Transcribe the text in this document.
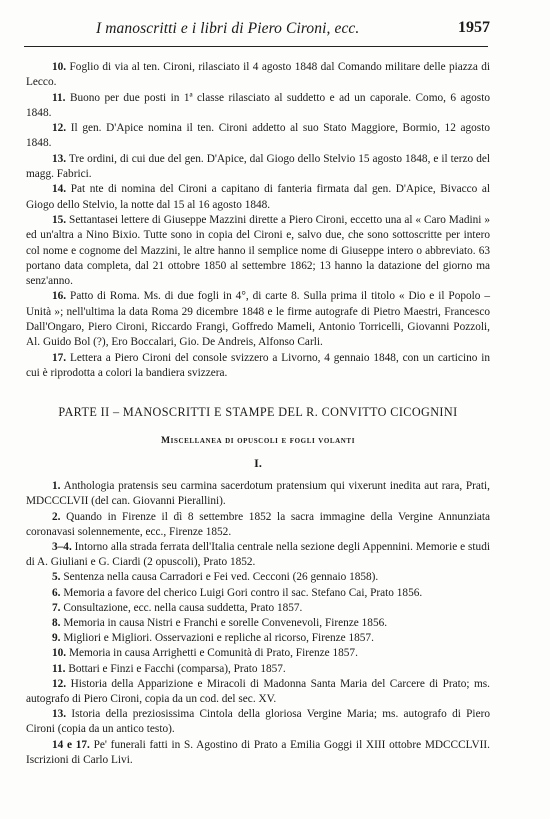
I manoscritti e i libri di Piero Cironi, ecc.	1957

10. Foglio di via al ten. Cironi, rilasciato il 4 agosto 1848 dal Comando militare delle piazza di Lecco.

11. Buono per due posti in 1ª classe rilasciato al suddetto e ad un caporale. Como, 6 agosto 1848.

12. Il gen. D'Apice nomina il ten. Cironi addetto al suo Stato Maggiore, Bormio, 12 agosto 1848.

13. Tre ordini, di cui due del gen. D'Apice, dal Giogo dello Stelvio 15 agosto 1848, e il terzo del magg. Fabrici.

14. Pat nte di nomina del Cironi a capitano di fanteria firmata dal gen. D'Apice, Bivacco al Giogo dello Stelvio, la notte dal 15 al 16 agosto 1848.

15. Settantasei lettere di Giuseppe Mazzini dirette a Piero Cironi, eccetto una al « Caro Madini » ed un'altra a Nino Bixio. Tutte sono in copia del Cironi e, salvo due, che sono sottoscritte per intero col nome e cognome del Mazzini, le altre hanno il semplice nome di Giuseppe intero o abbreviato. 63 portano data completa, dal 21 ottobre 1850 al settembre 1862; 13 hanno la datazione del giorno ma senz'anno.

16. Patto di Roma. Ms. di due fogli in 4°, di carte 8. Sulla prima il titolo « Dio e il Popolo – Unità »; nell'ultima la data Roma 29 dicembre 1848 e le firme autografe di Pietro Maestri, Francesco Dall'Ongaro, Piero Cironi, Riccardo Frangi, Goffredo Mameli, Antonio Torricelli, Giovanni Pozzoli, Al. Guido Bol (?), Ero Boccalari, Gio. De Andreis, Alfonso Carli.

17. Lettera a Piero Cironi del console svizzero a Livorno, 4 gennaio 1848, con un carticino in cui è riprodotta a colori la bandiera svizzera.

PARTE II – MANOSCRITTI E STAMPE DEL R. CONVITTO CICOGNINI
Miscellanea di opuscoli e fogli volanti
I.

1. Anthologia pratensis seu carmina sacerdotum pratensium qui vixerunt inedita aut rara, Prati, MDCCCLVII (del can. Giovanni Pierallini).

2. Quando in Firenze il dì 8 settembre 1852 la sacra immagine della Vergine Annunziata coronavasi solennemente, ecc., Firenze 1852.

3–4. Intorno alla strada ferrata dell'Italia centrale nella sezione degli Appennini. Memorie e studi di A. Giuliani e G. Ciardi (2 opuscoli), Prato 1852.

5. Sentenza nella causa Carradori e Fei ved. Cecconi (26 gennaio 1858).

6. Memoria a favore del cherico Luigi Gori contro il sac. Stefano Cai, Prato 1856.

7. Consultazione, ecc. nella causa suddetta, Prato 1857.

8. Memoria in causa Nistri e Franchi e sorelle Convenevoli, Firenze 1856.

9. Migliori e Migliori. Osservazioni e repliche al ricorso, Firenze 1857.

10. Memoria in causa Arrighetti e Comunità di Prato, Firenze 1857.

11. Bottari e Finzi e Facchi (comparsa), Prato 1857.

12. Historia della Apparizione e Miracoli di Madonna Santa Maria del Carcere di Prato; ms. autografo di Piero Cironi, copia da un cod. del sec. XV.

13. Istoria della preziosissima Cintola della gloriosa Vergine Maria; ms. autografo di Piero Cironi (copia da un antico testo).

14 e 17. Pe' funerali fatti in S. Agostino di Prato a Emilia Goggi il XIII ottobre MDCCCLVII. Iscrizioni di Carlo Livi.
